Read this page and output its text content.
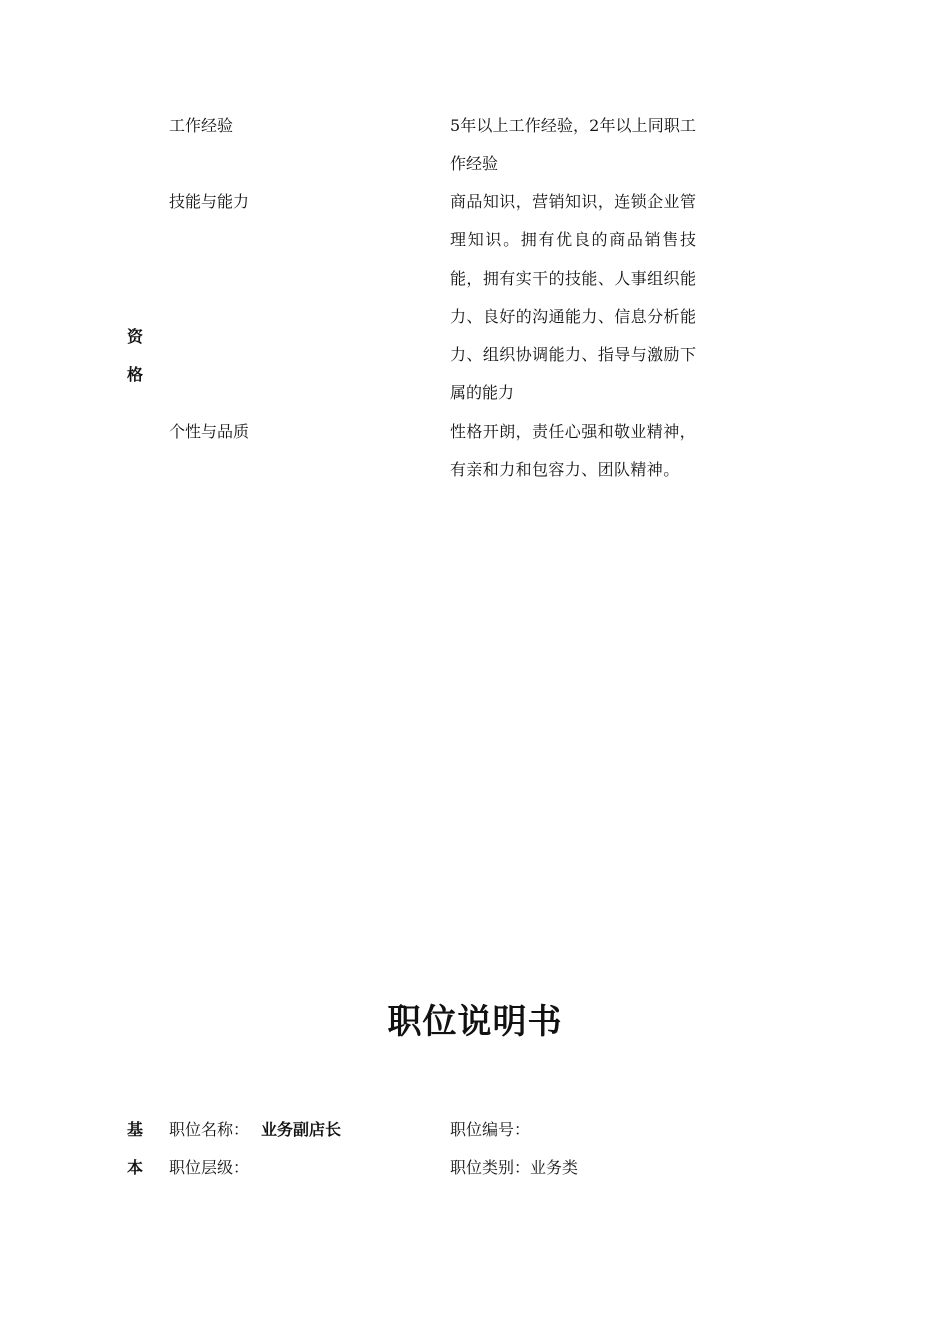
资格
工作经验	5年以上工作经验，2年以上同职工作经验
技能与能力	商品知识，营销知识，连锁企业管理知识。拥有优良的商品销售技能，拥有实干的技能、人事组织能力、良好的沟通能力、信息分析能力、组织协调能力、指导与激励下属的能力
个性与品质	性格开朗，责任心强和敬业精神，有亲和力和包容力、团队精神。
职位说明书
基本
职位名称： 业务副店长	职位编号：
职位层级：	职位类别：业务类
